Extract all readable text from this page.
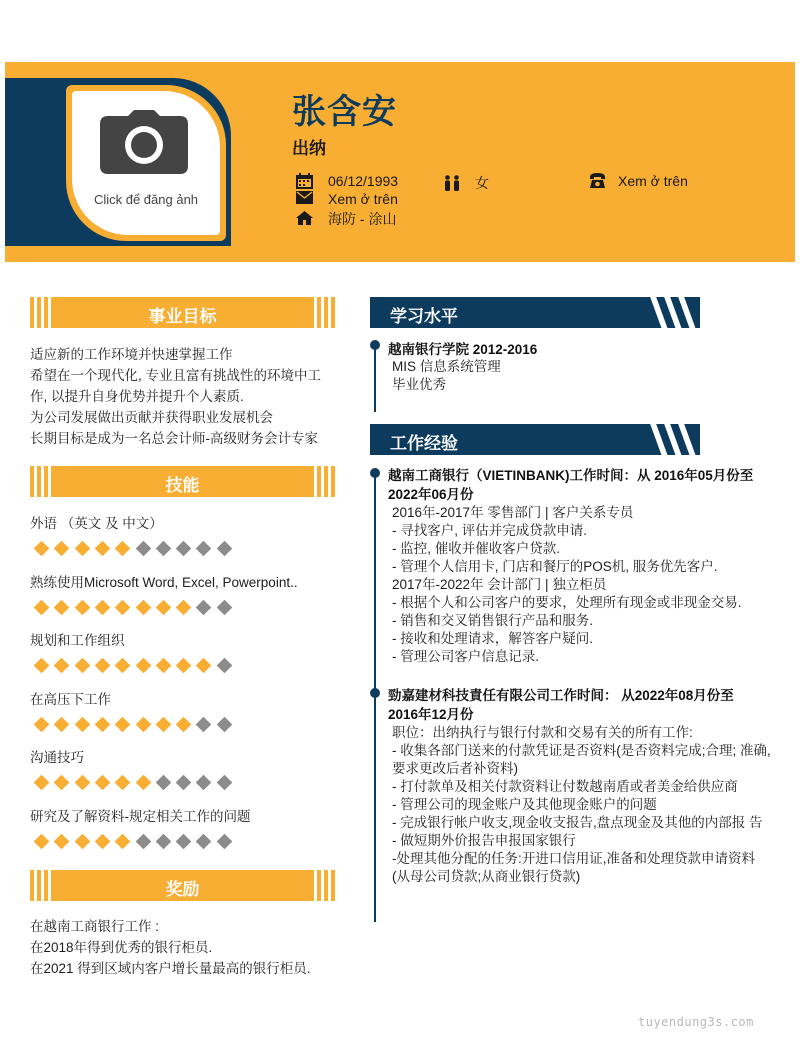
Click để đăng ảnh
张含安
出纳
06/12/1993	女	Xem ở trên
Xem ở trên
海防 - 涂山
事业目标
适应新的工作环境并快速掌握工作
希望在一个现代化, 专业且富有挑战性的环境中工
作, 以提升自身优势并提升个人素质.
为公司发展做出贡献并获得职业发展机会
长期目标是成为一名总会计师-高级财务会计专家
技能
外语 （英文 及 中文）
熟练使用Microsoft Word, Excel, Powerpoint..
规划和工作组织
在高压下工作
沟通技巧
研究及了解资料-规定相关工作的问题
奖励
在越南工商银行工作 :
在2018年得到优秀的银行柜员.
在2021 得到区域内客户增长量最高的银行柜员.
学习水平
越南银行学院 2012-2016
MIS 信息系统管理
毕业优秀
工作经验
越南工商银行（VIETINBANK)工作时间：从 2016年05月份至
2022年06月份
2016年-2017年 零售部门 | 客户关系专员
- 寻找客户, 评估并完成贷款申请.
- 监控, 催收并催收客户贷款.
- 管理个人信用卡, 门店和餐厅的POS机, 服务优先客户.
2017年-2022年 会计部门 | 独立柜员
- 根据个人和公司客户的要求，处理所有现金或非现金交易.
- 销售和交叉销售银行产品和服务.
- 接收和处理请求，解答客户疑问.
- 管理公司客户信息记录.
勁嘉建材科技責任有限公司工作时间： 从2022年08月份至
2016年12月份
职位：出纳执行与银行付款和交易有关的所有工作:
- 收集各部门送来的付款凭证是否资料(是否资料完成;合理; 准确,
要求更改后者补资料)
- 打付款单及相关付款资料让付数越南盾或者美金给供应商
- 管理公司的现金账户及其他现金账户的问题
- 完成银行帐户收支,现金收支报告,盘点现金及其他的内部报 告
- 做短期外价报告申报国家银行
-处理其他分配的任务:开进口信用证,准备和处理贷款申请资料
(从母公司贷款;从商业银行贷款)
tuyendung3s.com
